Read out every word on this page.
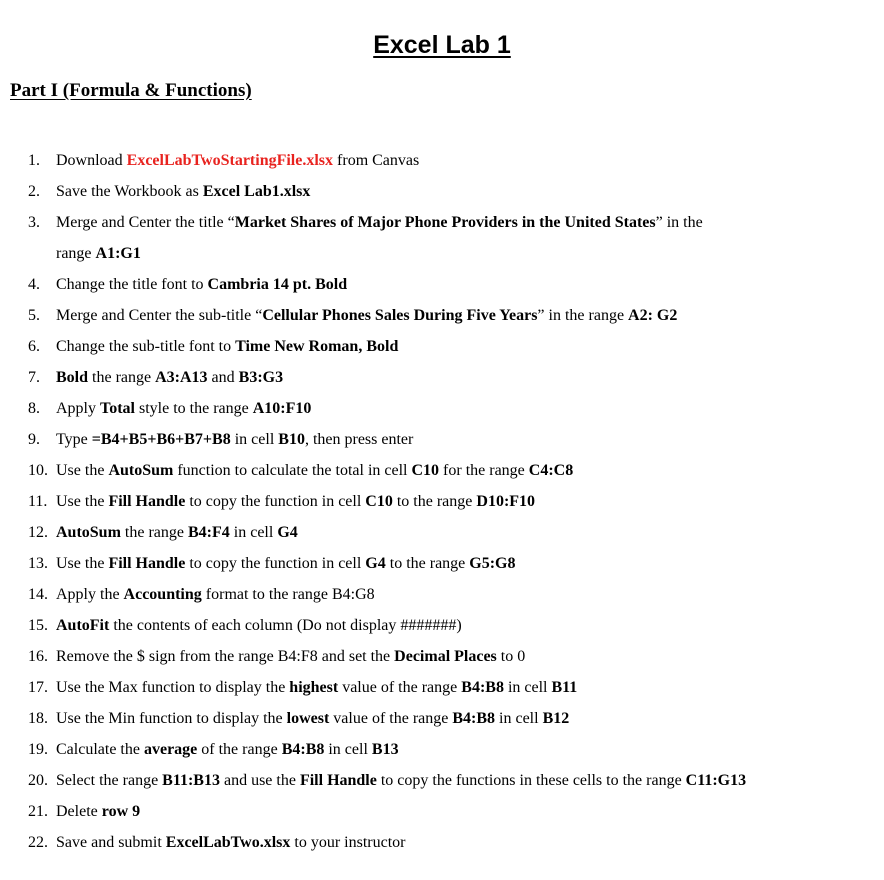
Excel Lab 1
Part I (Formula & Functions)
1. Download ExcelLabTwoStartingFile.xlsx from Canvas
2. Save the Workbook as Excel Lab1.xlsx
3. Merge and Center the title “Market Shares of Major Phone Providers in the United States” in the
range A1:G1
4. Change the title font to Cambria 14 pt. Bold
5. Merge and Center the sub-title “Cellular Phones Sales During Five Years” in the range A2: G2
6. Change the sub-title font to Time New Roman, Bold
7. Bold the range A3:A13 and B3:G3
8. Apply Total style to the range A10:F10
9. Type =B4+B5+B6+B7+B8 in cell B10, then press enter
10. Use the AutoSum function to calculate the total in cell C10 for the range C4:C8
11. Use the Fill Handle to copy the function in cell C10 to the range D10:F10
12. AutoSum the range B4:F4 in cell G4
13. Use the Fill Handle to copy the function in cell G4 to the range G5:G8
14. Apply the Accounting format to the range B4:G8
15. AutoFit the contents of each column (Do not display #######)
16. Remove the $ sign from the range B4:F8 and set the Decimal Places to 0
17. Use the Max function to display the highest value of the range B4:B8 in cell B11
18. Use the Min function to display the lowest value of the range B4:B8 in cell B12
19. Calculate the average of the range B4:B8 in cell B13
20. Select the range B11:B13 and use the Fill Handle to copy the functions in these cells to the range C11:G13
21. Delete row 9
22. Save and submit ExcelLabTwo.xlsx to your instructor
